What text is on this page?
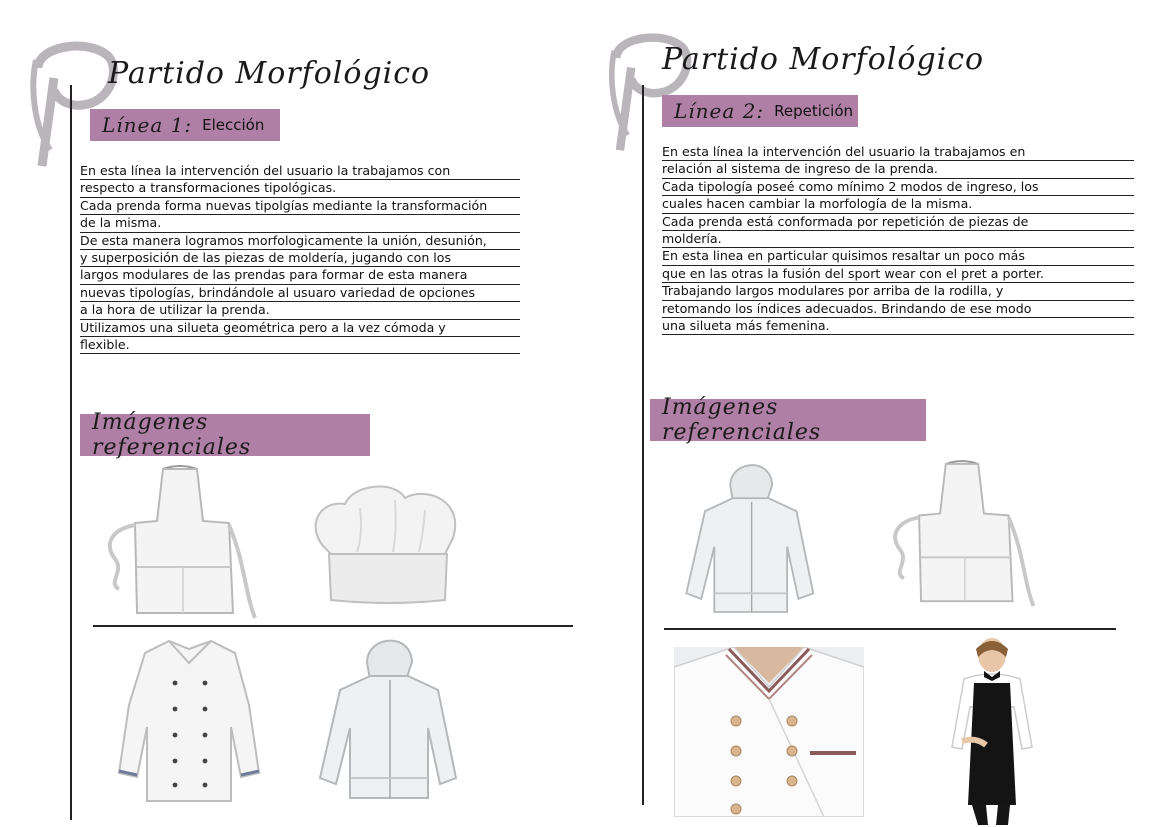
Partido Morfológico
Línea 1: Elección
En esta línea la intervención del usuario la trabajamos con
respecto a transformaciones tipológicas.
Cada prenda forma nuevas tipolgías mediante la transformación
de la misma.
De esta manera logramos morfologicamente la unión, desunión,
y superposición de las piezas de moldería, jugando con los
largos modulares de las prendas para formar de esta manera
nuevas tipologías, brindándole al usuaro variedad de opciones
a la hora de utilizar la prenda.
Utilizamos una silueta geométrica pero a la vez cómoda y
flexible.
Imágenes referenciales
Partido Morfológico
Línea 2: Repetición
En esta línea la intervención del usuario la trabajamos en
relación al sistema de ingreso de la prenda.
Cada tipología poseé como mínimo 2 modos de ingreso, los
cuales hacen cambiar la morfología de la misma.
Cada prenda está conformada por repetición de piezas de
moldería.
En esta linea en particular quisimos resaltar un poco más
que en las otras la fusión del sport wear con el pret a porter.
Trabajando largos modulares por arriba de la rodilla, y
retomando los índices adecuados. Brindando de ese modo
una silueta más femenina.
Imágenes referenciales
